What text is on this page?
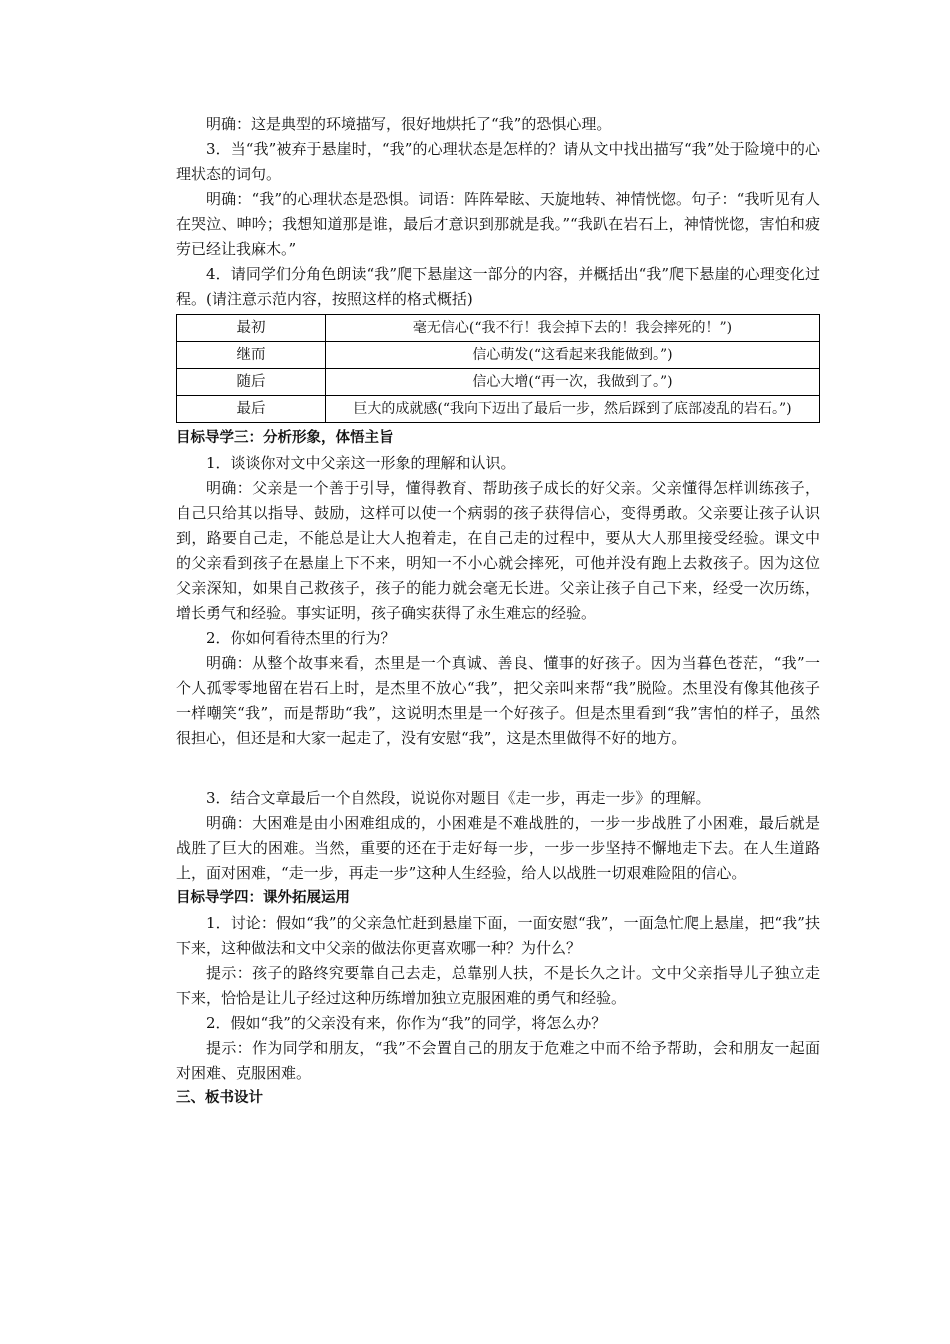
明确：这是典型的环境描写，很好地烘托了“我”的恐惧心理。

3．当“我”被弃于悬崖时，“我”的心理状态是怎样的？请从文中找出描写“我”处于险境中的心理状态的词句。

明确：“我”的心理状态是恐惧。词语：阵阵晕眩、天旋地转、神情恍惚。句子：“我听见有人在哭泣、呻吟；我想知道那是谁，最后才意识到那就是我。”“我趴在岩石上，神情恍惚，害怕和疲劳已经让我麻木。”

4．请同学们分角色朗读“我”爬下悬崖这一部分的内容，并概括出“我”爬下悬崖的心理变化过程。(请注意示范内容，按照这样的格式概括)

最初	毫无信心(“我不行！我会掉下去的！我会摔死的！”)
继而	信心萌发(“这看起来我能做到。”)
随后	信心大增(“再一次，我做到了。”)
最后	巨大的成就感(“我向下迈出了最后一步，然后踩到了底部凌乱的岩石。”)

目标导学三：分析形象，体悟主旨

1．谈谈你对文中父亲这一形象的理解和认识。

明确：父亲是一个善于引导，懂得教育、帮助孩子成长的好父亲。父亲懂得怎样训练孩子，自己只给其以指导、鼓励，这样可以使一个病弱的孩子获得信心，变得勇敢。父亲要让孩子认识到，路要自己走，不能总是让大人抱着走，在自己走的过程中，要从大人那里接受经验。课文中的父亲看到孩子在悬崖上下不来，明知一不小心就会摔死，可他并没有跑上去救孩子。因为这位父亲深知，如果自己救孩子，孩子的能力就会毫无长进。父亲让孩子自己下来，经受一次历练，增长勇气和经验。事实证明，孩子确实获得了永生难忘的经验。

2．你如何看待杰里的行为？

明确：从整个故事来看，杰里是一个真诚、善良、懂事的好孩子。因为当暮色苍茫，“我”一个人孤零零地留在岩石上时，是杰里不放心“我”，把父亲叫来帮“我”脱险。杰里没有像其他孩子一样嘲笑“我”，而是帮助“我”，这说明杰里是一个好孩子。但是杰里看到“我”害怕的样子，虽然很担心，但还是和大家一起走了，没有安慰“我”，这是杰里做得不好的地方。

3．结合文章最后一个自然段，说说你对题目《走一步，再走一步》的理解。

明确：大困难是由小困难组成的，小困难是不难战胜的，一步一步战胜了小困难，最后就是战胜了巨大的困难。当然，重要的还在于走好每一步，一步一步坚持不懈地走下去。在人生道路上，面对困难，“走一步，再走一步”这种人生经验，给人以战胜一切艰难险阻的信心。

目标导学四：课外拓展运用

1．讨论：假如“我”的父亲急忙赶到悬崖下面，一面安慰“我”，一面急忙爬上悬崖，把“我”扶下来，这种做法和文中父亲的做法你更喜欢哪一种？为什么？

提示：孩子的路终究要靠自己去走，总靠别人扶，不是长久之计。文中父亲指导儿子独立走下来，恰恰是让儿子经过这种历练增加独立克服困难的勇气和经验。

2．假如“我”的父亲没有来，你作为“我”的同学，将怎么办？

提示：作为同学和朋友，“我”不会置自己的朋友于危难之中而不给予帮助，会和朋友一起面对困难、克服困难。

三、板书设计
